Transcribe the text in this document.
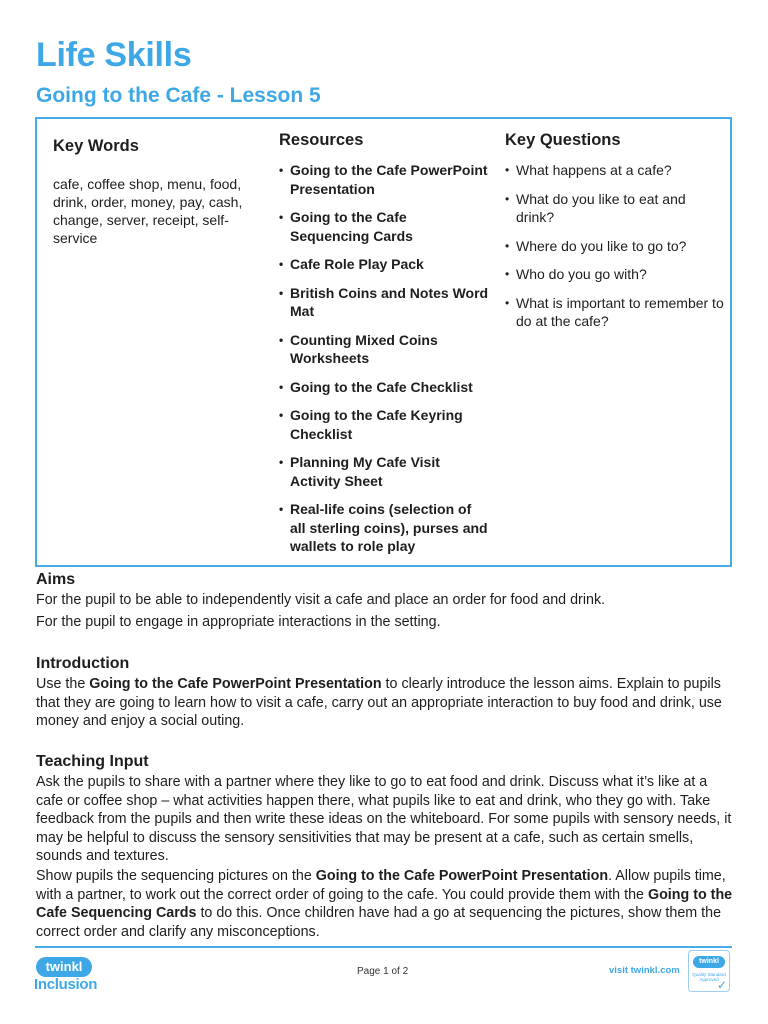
Life Skills
Going to the Cafe - Lesson 5
Key Words

cafe, coffee shop, menu, food, drink, order, money, pay, cash, change, server, receipt, self-service

Resources
• Going to the Cafe PowerPoint Presentation
• Going to the Cafe Sequencing Cards
• Cafe Role Play Pack
• British Coins and Notes Word Mat
• Counting Mixed Coins Worksheets
• Going to the Cafe Checklist
• Going to the Cafe Keyring Checklist
• Planning My Cafe Visit Activity Sheet
• Real-life coins (selection of all sterling coins), purses and wallets to role play
Key Questions
• What happens at a cafe?
• What do you like to eat and drink?
• Where do you like to go to?
• Who do you go with?
• What is important to remember to do at the cafe?
Aims

For the pupil to be able to independently visit a cafe and place an order for food and drink.

For the pupil to engage in appropriate interactions in the setting.

Introduction

Use the Going to the Cafe PowerPoint Presentation to clearly introduce the lesson aims. Explain to pupils that they are going to learn how to visit a cafe, carry out an appropriate interaction to buy food and drink, use money and enjoy a social outing.

Teaching Input

Ask the pupils to share with a partner where they like to go to eat food and drink. Discuss what it’s like at a cafe or coffee shop – what activities happen there, what pupils like to eat and drink, who they go with. Take feedback from the pupils and then write these ideas on the whiteboard. For some pupils with sensory needs, it may be helpful to discuss the sensory sensitivities that may be present at a cafe, such as certain smells, sounds and textures.

Show pupils the sequencing pictures on the Going to the Cafe PowerPoint Presentation. Allow pupils time, with a partner, to work out the correct order of going to the cafe. You could provide them with the Going to the Cafe Sequencing Cards to do this. Once children have had a go at sequencing the pictures, show them the correct order and clarify any misconceptions.

twinkl
Inclusion
Page 1 of 2	visit twinkl.com
twinkl
Quality Standard Approved
✓
